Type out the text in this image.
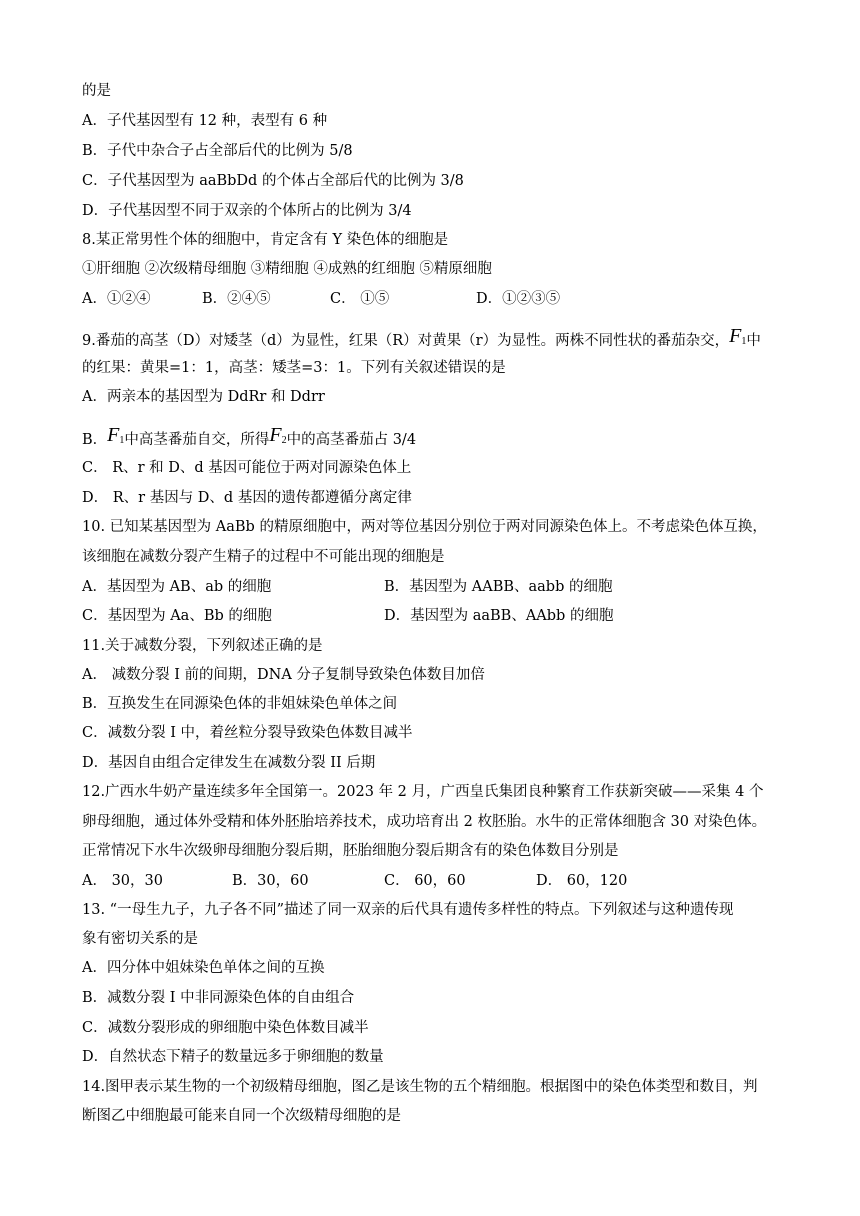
的是
A．子代基因型有 12 种，表型有 6 种
B．子代中杂合子占全部后代的比例为 5/8
C．子代基因型为 aaBbDd 的个体占全部后代的比例为 3/8
D．子代基因型不同于双亲的个体所占的比例为 3/4
8.某正常男性个体的细胞中，肯定含有 Y 染色体的细胞是
①肝细胞 ②次级精母细胞 ③精细胞 ④成熟的红细胞 ⑤精原细胞
A．①②④	B．②④⑤	C． ①⑤	D．①②③⑤
9.番茄的高茎（D）对矮茎（d）为显性，红果（R）对黄果（r）为显性。两株不同性状的番茄杂交，F1中
的红果：黄果=1：1，高茎：矮茎=3：1。下列有关叙述错误的是
A．两亲本的基因型为 DdRr 和 Ddrr
B．F1中高茎番茄自交，所得F2中的高茎番茄占 3/4
C． R、r 和 D、d 基因可能位于两对同源染色体上
D． R、r 基因与 D、d 基因的遗传都遵循分离定律
10. 已知某基因型为 AaBb 的精原细胞中，两对等位基因分别位于两对同源染色体上。不考虑染色体互换，
该细胞在减数分裂产生精子的过程中不可能出现的细胞是
A．基因型为 AB、ab 的细胞	B．基因型为 AABB、aabb 的细胞
C．基因型为 Aa、Bb 的细胞	D．基因型为 aaBB、AAbb 的细胞
11.关于减数分裂，下列叙述正确的是
A． 减数分裂 I 前的间期，DNA 分子复制导致染色体数目加倍
B．互换发生在同源染色体的非姐妹染色单体之间
C．减数分裂 I 中，着丝粒分裂导致染色体数目减半
D．基因自由组合定律发生在减数分裂 II 后期
12.广西水牛奶产量连续多年全国第一。2023 年 2 月，广西皇氏集团良种繁育工作获新突破——采集 4 个
卵母细胞，通过体外受精和体外胚胎培养技术，成功培育出 2 枚胚胎。水牛的正常体细胞含 30 对染色体。
正常情况下水牛次级卵母细胞分裂后期，胚胎细胞分裂后期含有的染色体数目分别是
A． 30，30	B．30，60	C． 60，60	D． 60，120
13. “一母生九子，九子各不同”描述了同一双亲的后代具有遗传多样性的特点。下列叙述与这种遗传现
象有密切关系的是
A．四分体中姐妹染色单体之间的互换
B．减数分裂 I 中非同源染色体的自由组合
C．减数分裂形成的卵细胞中染色体数目减半
D．自然状态下精子的数量远多于卵细胞的数量
14.图甲表示某生物的一个初级精母细胞，图乙是该生物的五个精细胞。根据图中的染色体类型和数目，判
断图乙中细胞最可能来自同一个次级精母细胞的是
